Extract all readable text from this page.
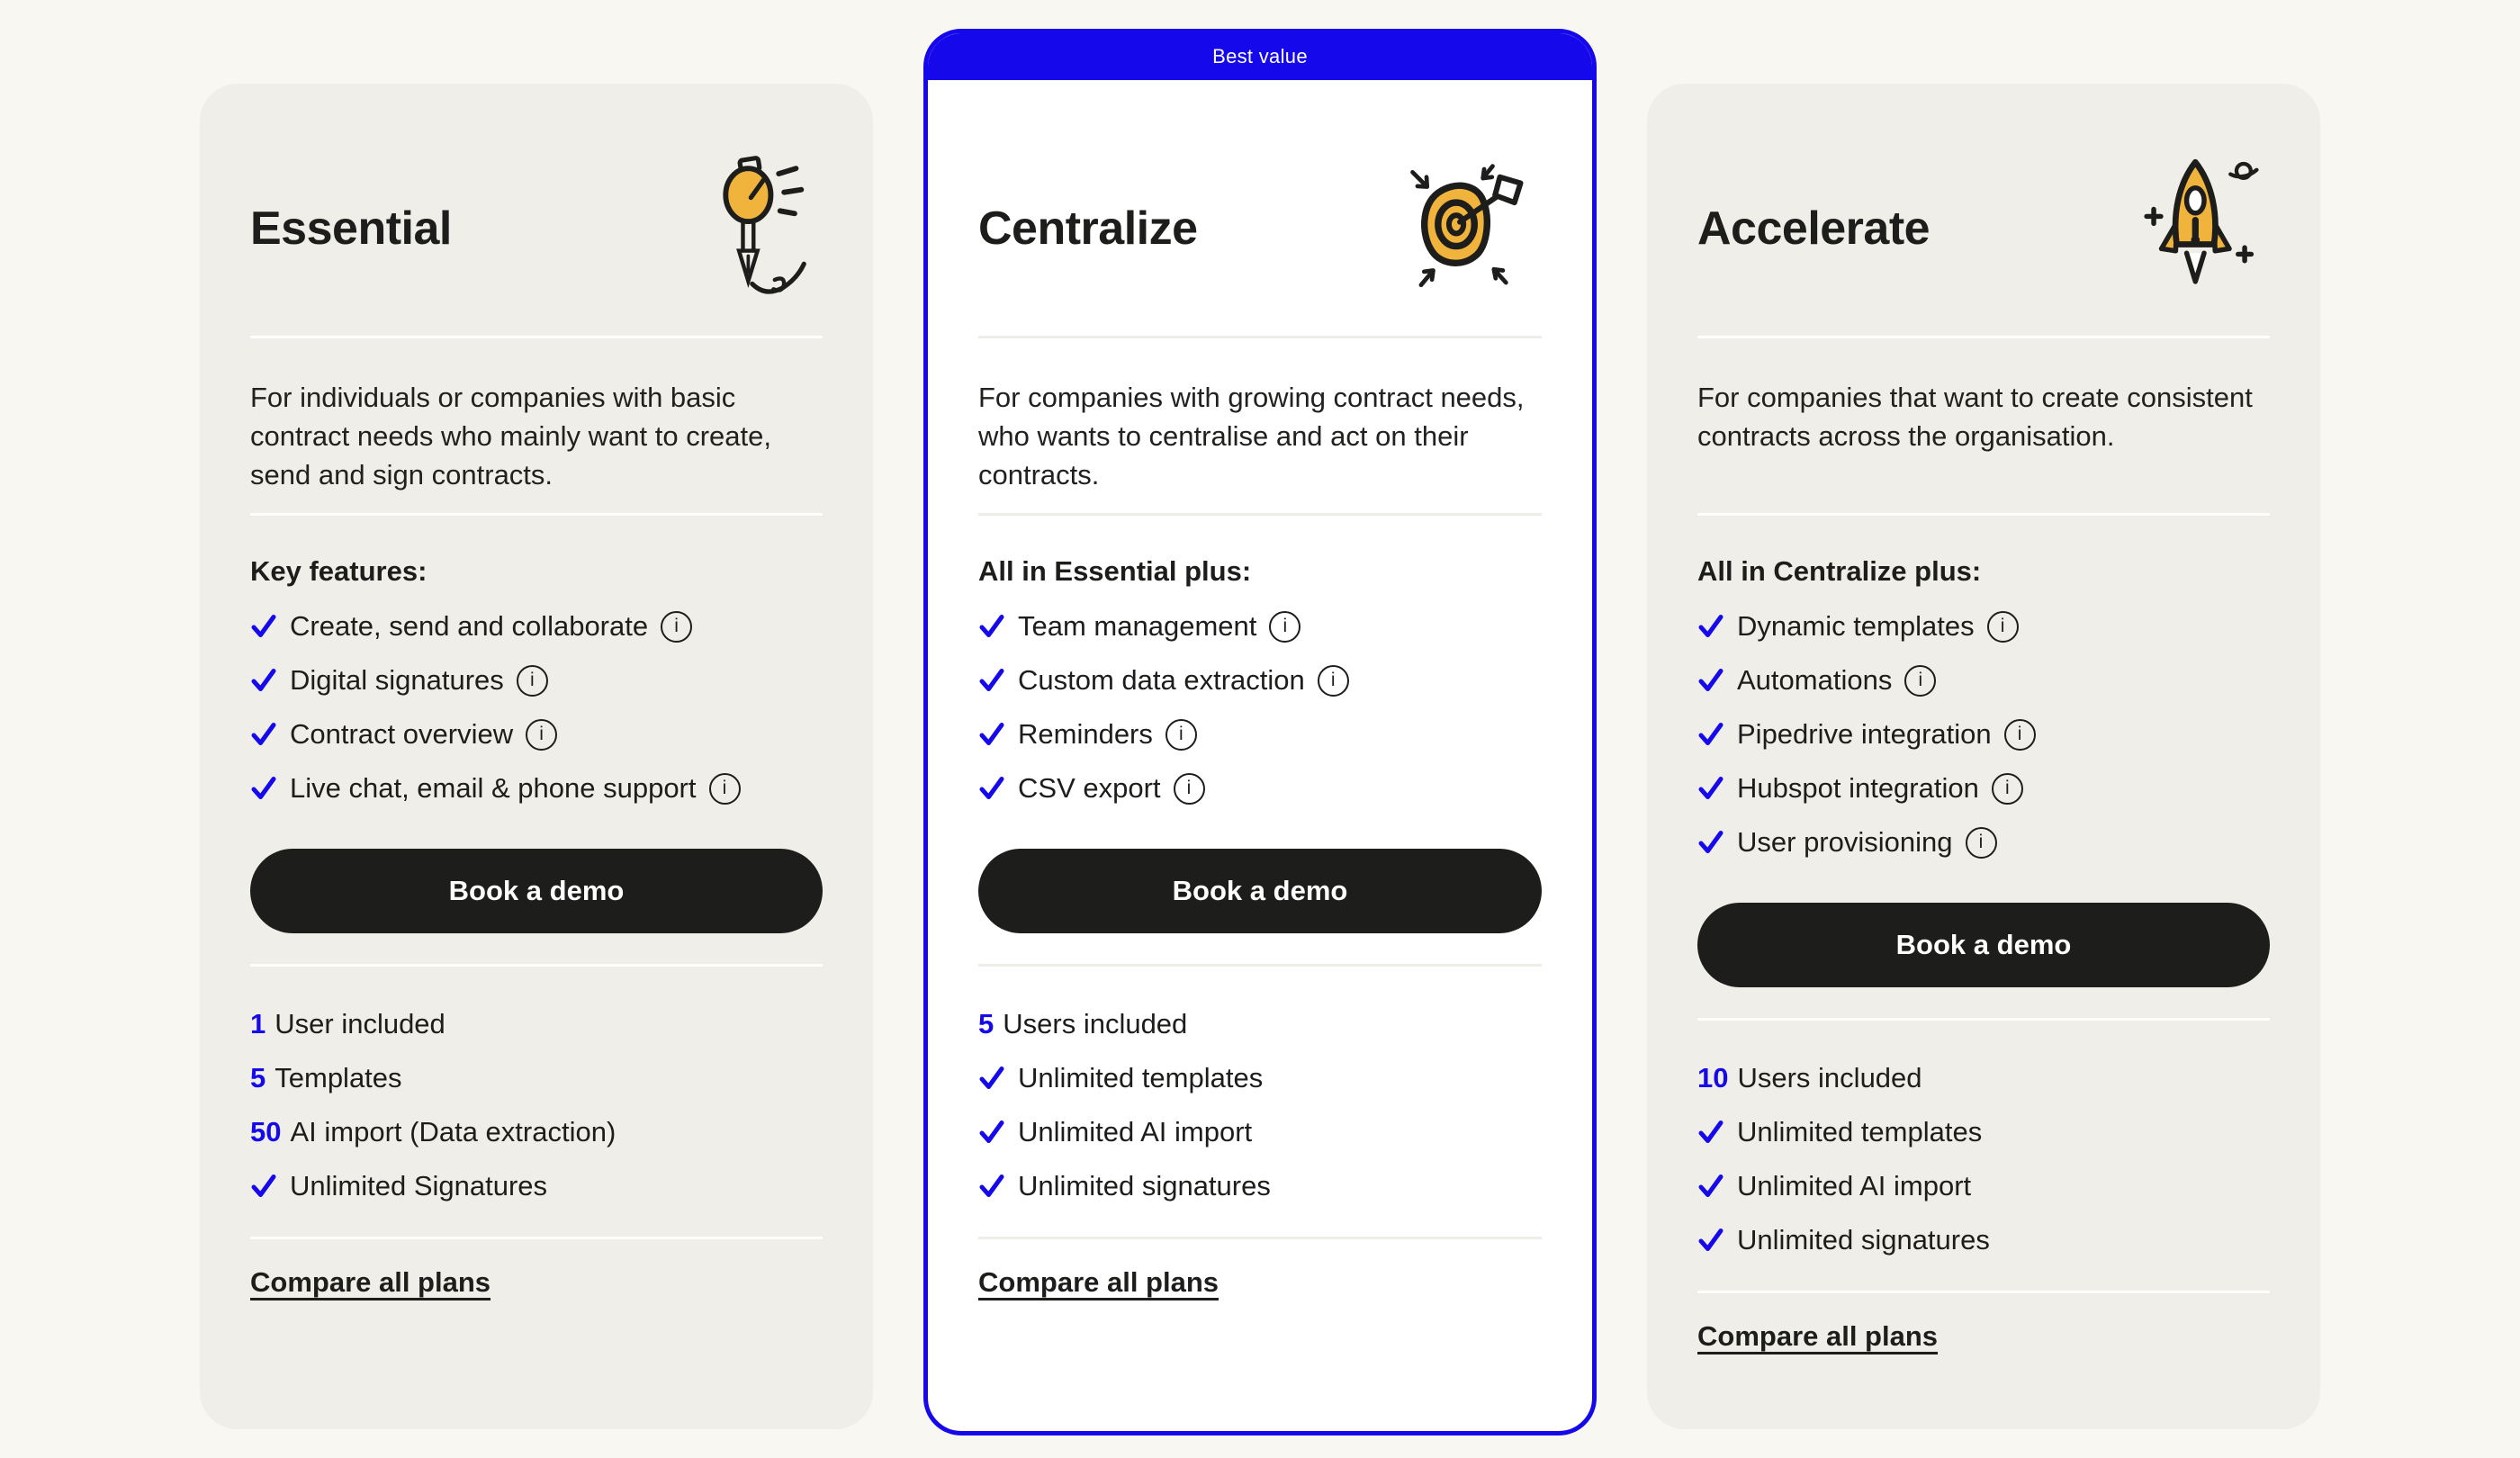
Essential

For individuals or companies with basic contract needs who mainly want to create, send and sign contracts.

Key features:
Create, send and collaborate	i
Digital signatures	i
Contract overview	i
Live chat, email & phone support	i
Book a demo
1 User included
5 Templates
50 AI import (Data extraction)
Unlimited Signatures
Compare all plans
Best value
Centralize

For companies with growing contract needs, who wants to centralise and act on their contracts.

All in Essential plus:
Team management	i
Custom data extraction	i
Reminders	i
CSV export	i
Book a demo
5 Users included
Unlimited templates
Unlimited AI import
Unlimited signatures
Compare all plans
Accelerate

For companies that want to create consistent contracts across the organisation.

All in Centralize plus:
Dynamic templates	i
Automations	i
Pipedrive integration	i
Hubspot integration	i
User provisioning	i
Book a demo
10 Users included
Unlimited templates
Unlimited AI import
Unlimited signatures
Compare all plans
